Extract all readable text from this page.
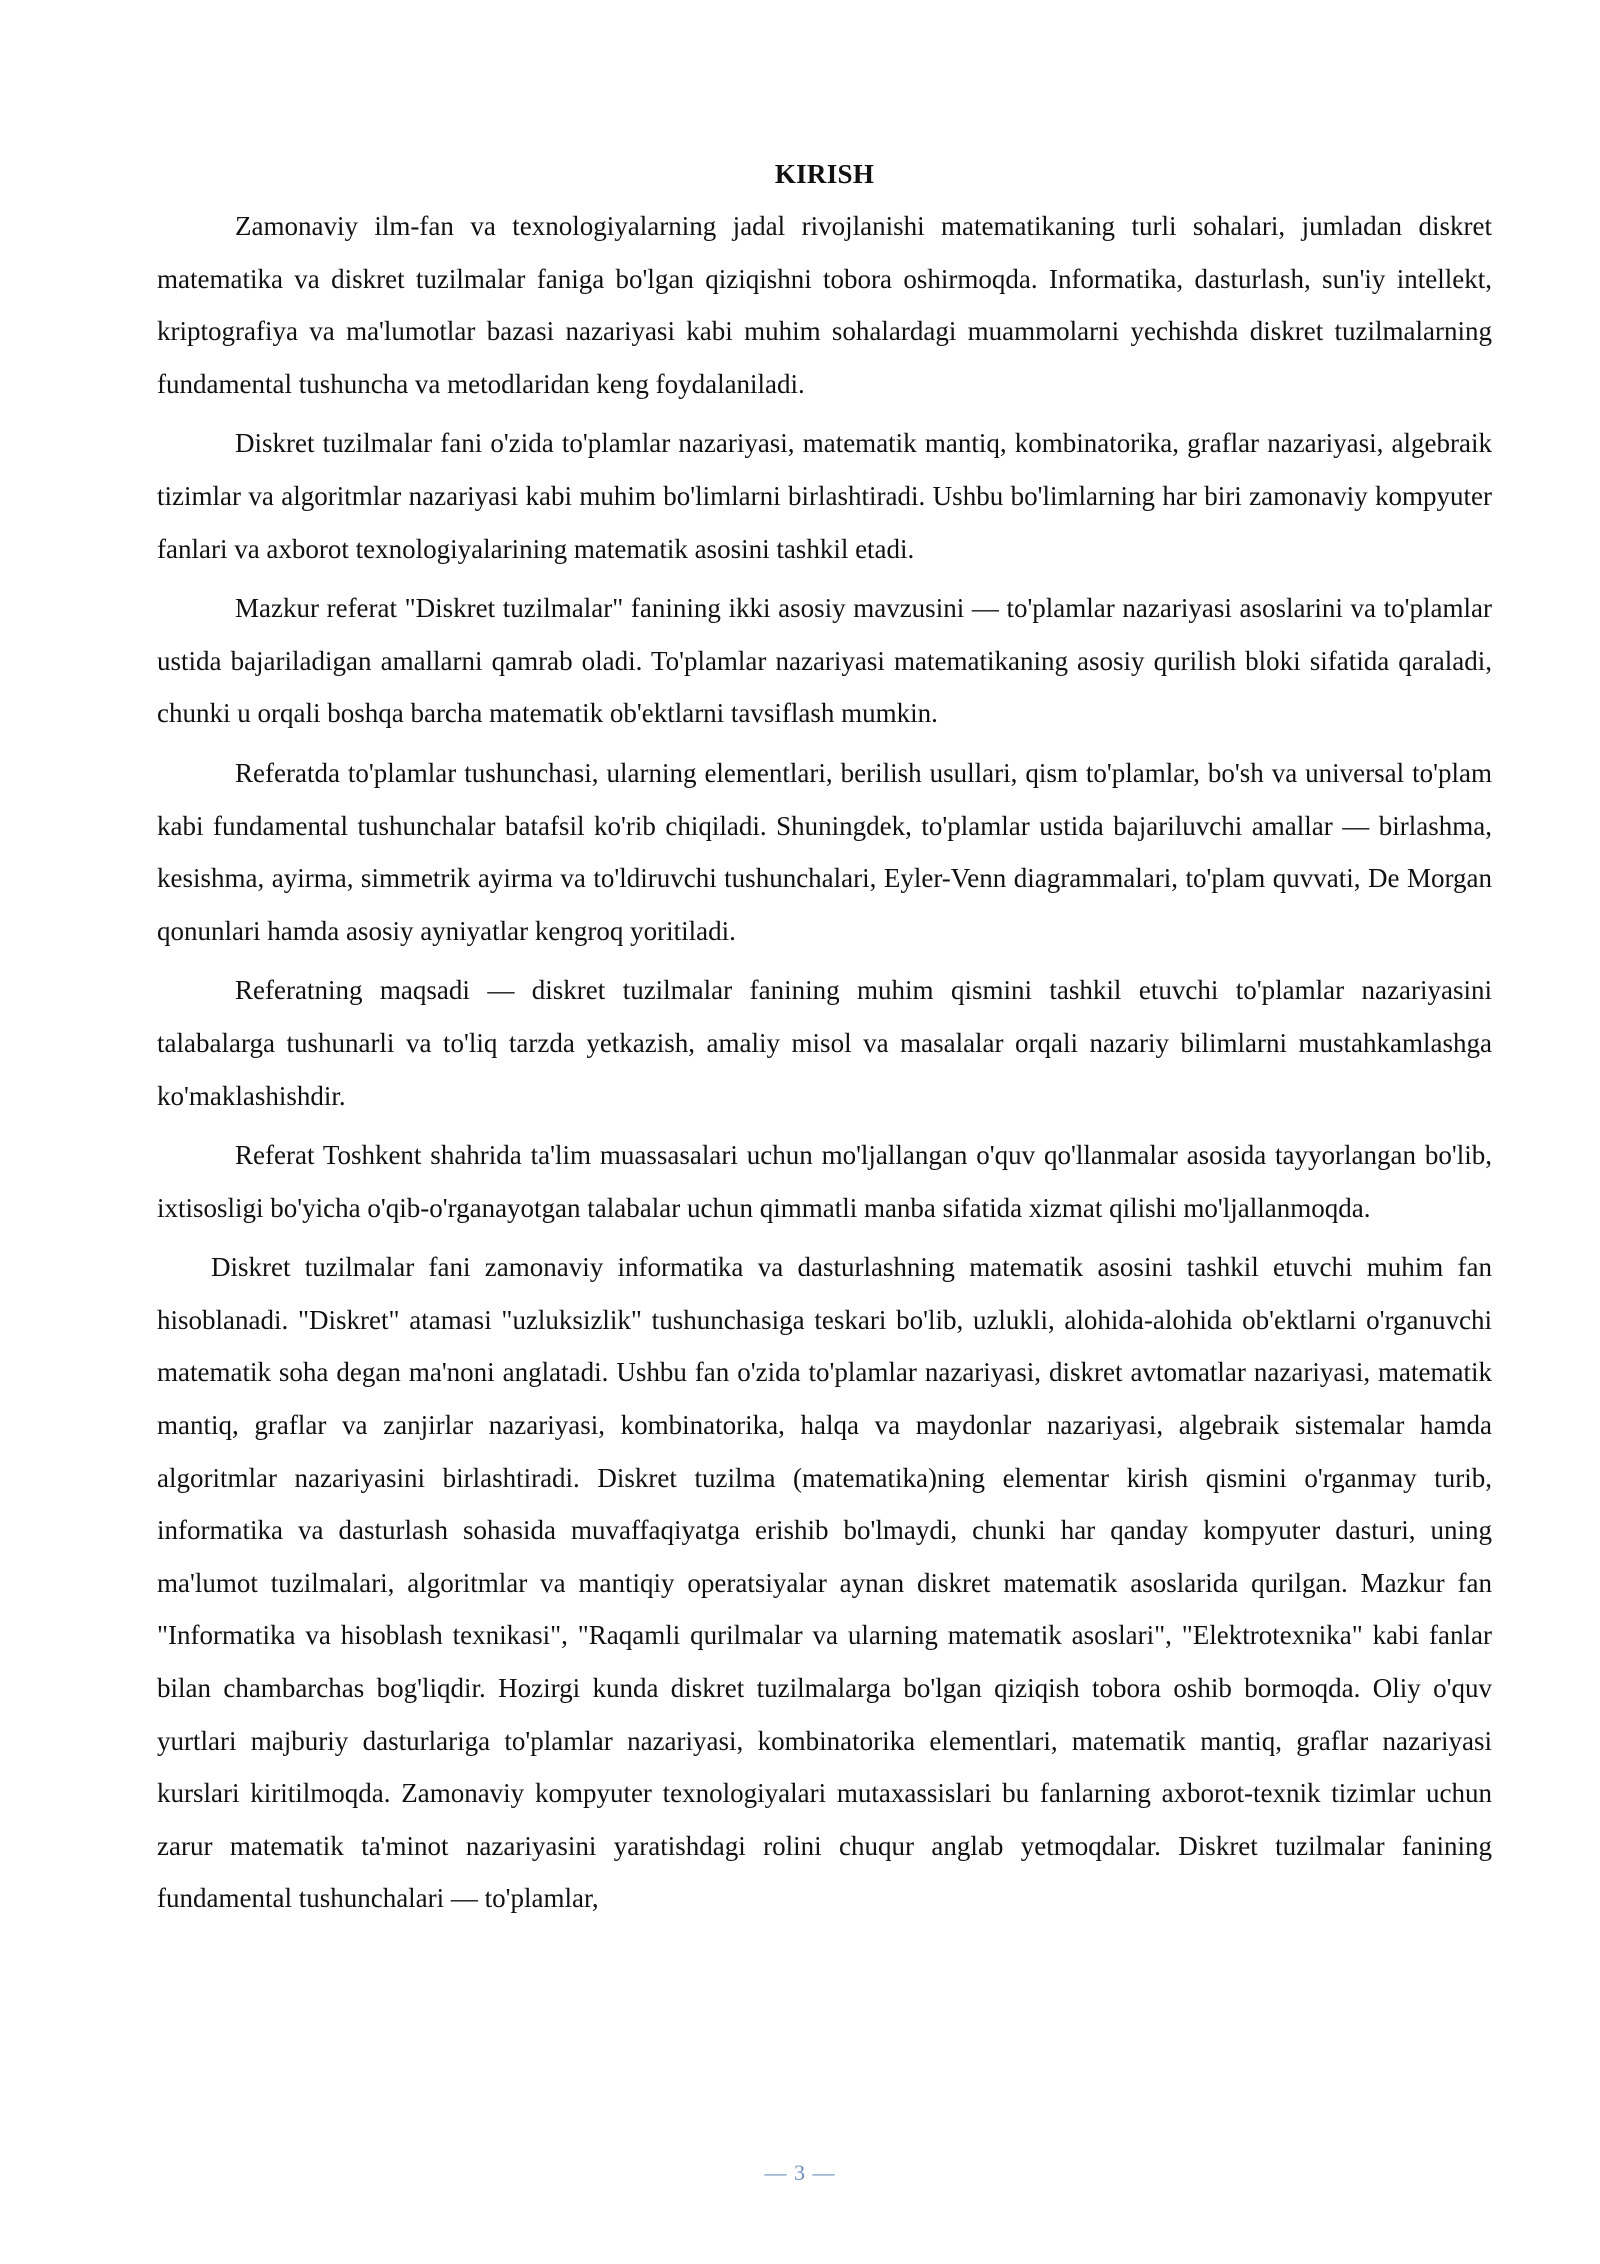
KIRISH

Zamonaviy ilm-fan va texnologiyalarning jadal rivojlanishi matematikaning turli sohalari, jumladan diskret matematika va diskret tuzilmalar faniga bo'lgan qiziqishni tobora oshirmoqda. Informatika, dasturlash, sun'iy intellekt, kriptografiya va ma'lumotlar bazasi nazariyasi kabi muhim sohalardagi muammolarni yechishda diskret tuzilmalarning fundamental tushuncha va metodlaridan keng foydalaniladi.

Diskret tuzilmalar fani o'zida to'plamlar nazariyasi, matematik mantiq, kombinatorika, graflar nazariyasi, algebraik tizimlar va algoritmlar nazariyasi kabi muhim bo'limlarni birlashtiradi. Ushbu bo'limlarning har biri zamonaviy kompyuter fanlari va axborot texnologiyalarining matematik asosini tashkil etadi.

Mazkur referat "Diskret tuzilmalar" fanining ikki asosiy mavzusini — to'plamlar nazariyasi asoslarini va to'plamlar ustida bajariladigan amallarni qamrab oladi. To'plamlar nazariyasi matematikaning asosiy qurilish bloki sifatida qaraladi, chunki u orqali boshqa barcha matematik ob'ektlarni tavsiflash mumkin.

Referatda to'plamlar tushunchasi, ularning elementlari, berilish usullari, qism to'plamlar, bo'sh va universal to'plam kabi fundamental tushunchalar batafsil ko'rib chiqiladi. Shuningdek, to'plamlar ustida bajariluvchi amallar — birlashma, kesishma, ayirma, simmetrik ayirma va to'ldiruvchi tushunchalari, Eyler-Venn diagrammalari, to'plam quvvati, De Morgan qonunlari hamda asosiy ayniyatlar kengroq yoritiladi.

Referatning maqsadi — diskret tuzilmalar fanining muhim qismini tashkil etuvchi to'plamlar nazariyasini talabalarga tushunarli va to'liq tarzda yetkazish, amaliy misol va masalalar orqali nazariy bilimlarni mustahkamlashga ko'maklashishdir.

Referat Toshkent shahrida ta'lim muassasalari uchun mo'ljallangan o'quv qo'llanmalar asosida tayyorlangan bo'lib, ixtisosligi bo'yicha o'qib-o'rganayotgan talabalar uchun qimmatli manba sifatida xizmat qilishi mo'ljallanmoqda.

Diskret tuzilmalar fani zamonaviy informatika va dasturlashning matematik asosini tashkil etuvchi muhim fan hisoblanadi. "Diskret" atamasi "uzluksizlik" tushunchasiga teskari bo'lib, uzlukli, alohida-alohida ob'ektlarni o'rganuvchi matematik soha degan ma'noni anglatadi. Ushbu fan o'zida to'plamlar nazariyasi, diskret avtomatlar nazariyasi, matematik mantiq, graflar va zanjirlar nazariyasi, kombinatorika, halqa va maydonlar nazariyasi, algebraik sistemalar hamda algoritmlar nazariyasini birlashtiradi. Diskret tuzilma (matematika)ning elementar kirish qismini o'rganmay turib, informatika va dasturlash sohasida muvaffaqiyatga erishib bo'lmaydi, chunki har qanday kompyuter dasturi, uning ma'lumot tuzilmalari, algoritmlar va mantiqiy operatsiyalar aynan diskret matematik asoslarida qurilgan. Mazkur fan "Informatika va hisoblash texnikasi", "Raqamli qurilmalar va ularning matematik asoslari", "Elektrotexnika" kabi fanlar bilan chambarchas bog'liqdir. Hozirgi kunda diskret tuzilmalarga bo'lgan qiziqish tobora oshib bormoqda. Oliy o'quv yurtlari majburiy dasturlariga to'plamlar nazariyasi, kombinatorika elementlari, matematik mantiq, graflar nazariyasi kurslari kiritilmoqda. Zamonaviy kompyuter texnologiyalari mutaxassislari bu fanlarning axborot-texnik tizimlar uchun zarur matematik ta'minot nazariyasini yaratishdagi rolini chuqur anglab yetmoqdalar. Diskret tuzilmalar fanining fundamental tushunchalari — to'plamlar,

— 3 —
